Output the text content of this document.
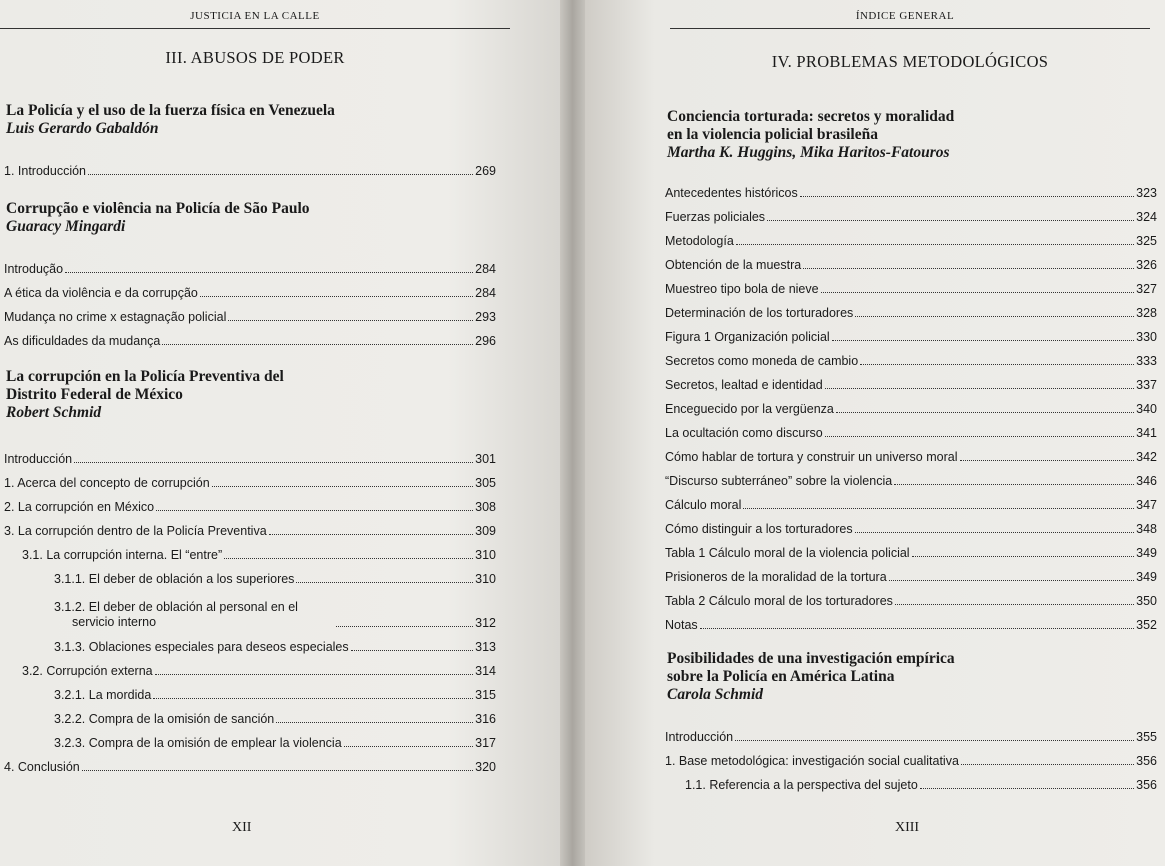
JUSTICIA EN LA CALLE
III. ABUSOS DE PODER
La Policía y el uso de la fuerza física en Venezuela
Luis Gerardo Gabaldón
1. Introducción	269
Corrupção e violência na Policía de São Paulo
Guaracy Mingardi
Introdução	284
A ética da violência e da corrupção	284
Mudança no crime x estagnação policial	293
As dificuldades da mudança	296
La corrupción en la Policía Preventiva del
Distrito Federal de México
Robert Schmid
Introducción	301
1. Acerca del concepto de corrupción	305
2. La corrupción en México	308
3. La corrupción dentro de la Policía Preventiva	309
3.1. La corrupción interna. El “entre”	310
3.1.1. El deber de oblación a los superiores	310
3.1.2. El deber de oblación al personal en el
servicio interno	312
3.1.3. Oblaciones especiales para deseos especiales	313
3.2. Corrupción externa	314
3.2.1. La mordida	315
3.2.2. Compra de la omisión de sanción	316
3.2.3. Compra de la omisión de emplear la violencia	317
4. Conclusión	320
XII
ÍNDICE GENERAL
IV. PROBLEMAS METODOLÓGICOS
Conciencia torturada: secretos y moralidad
en la violencia policial brasileña
Martha K. Huggins, Mika Haritos-Fatouros
Antecedentes históricos	323
Fuerzas policiales	324
Metodología	325
Obtención de la muestra	326
Muestreo tipo bola de nieve	327
Determinación de los torturadores	328
Figura 1 Organización policial	330
Secretos como moneda de cambio	333
Secretos, lealtad e identidad	337
Enceguecido por la vergüenza	340
La ocultación como discurso	341
Cómo hablar de tortura y construir un universo moral	342
“Discurso subterráneo” sobre la violencia	346
Cálculo moral	347
Cómo distinguir a los torturadores	348
Tabla 1 Cálculo moral de la violencia policial	349
Prisioneros de la moralidad de la tortura	349
Tabla 2 Cálculo moral de los torturadores	350
Notas	352
Posibilidades de una investigación empírica
sobre la Policía en América Latina
Carola Schmid
Introducción	355
1. Base metodológica: investigación social cualitativa	356
1.1. Referencia a la perspectiva del sujeto	356
XIII
